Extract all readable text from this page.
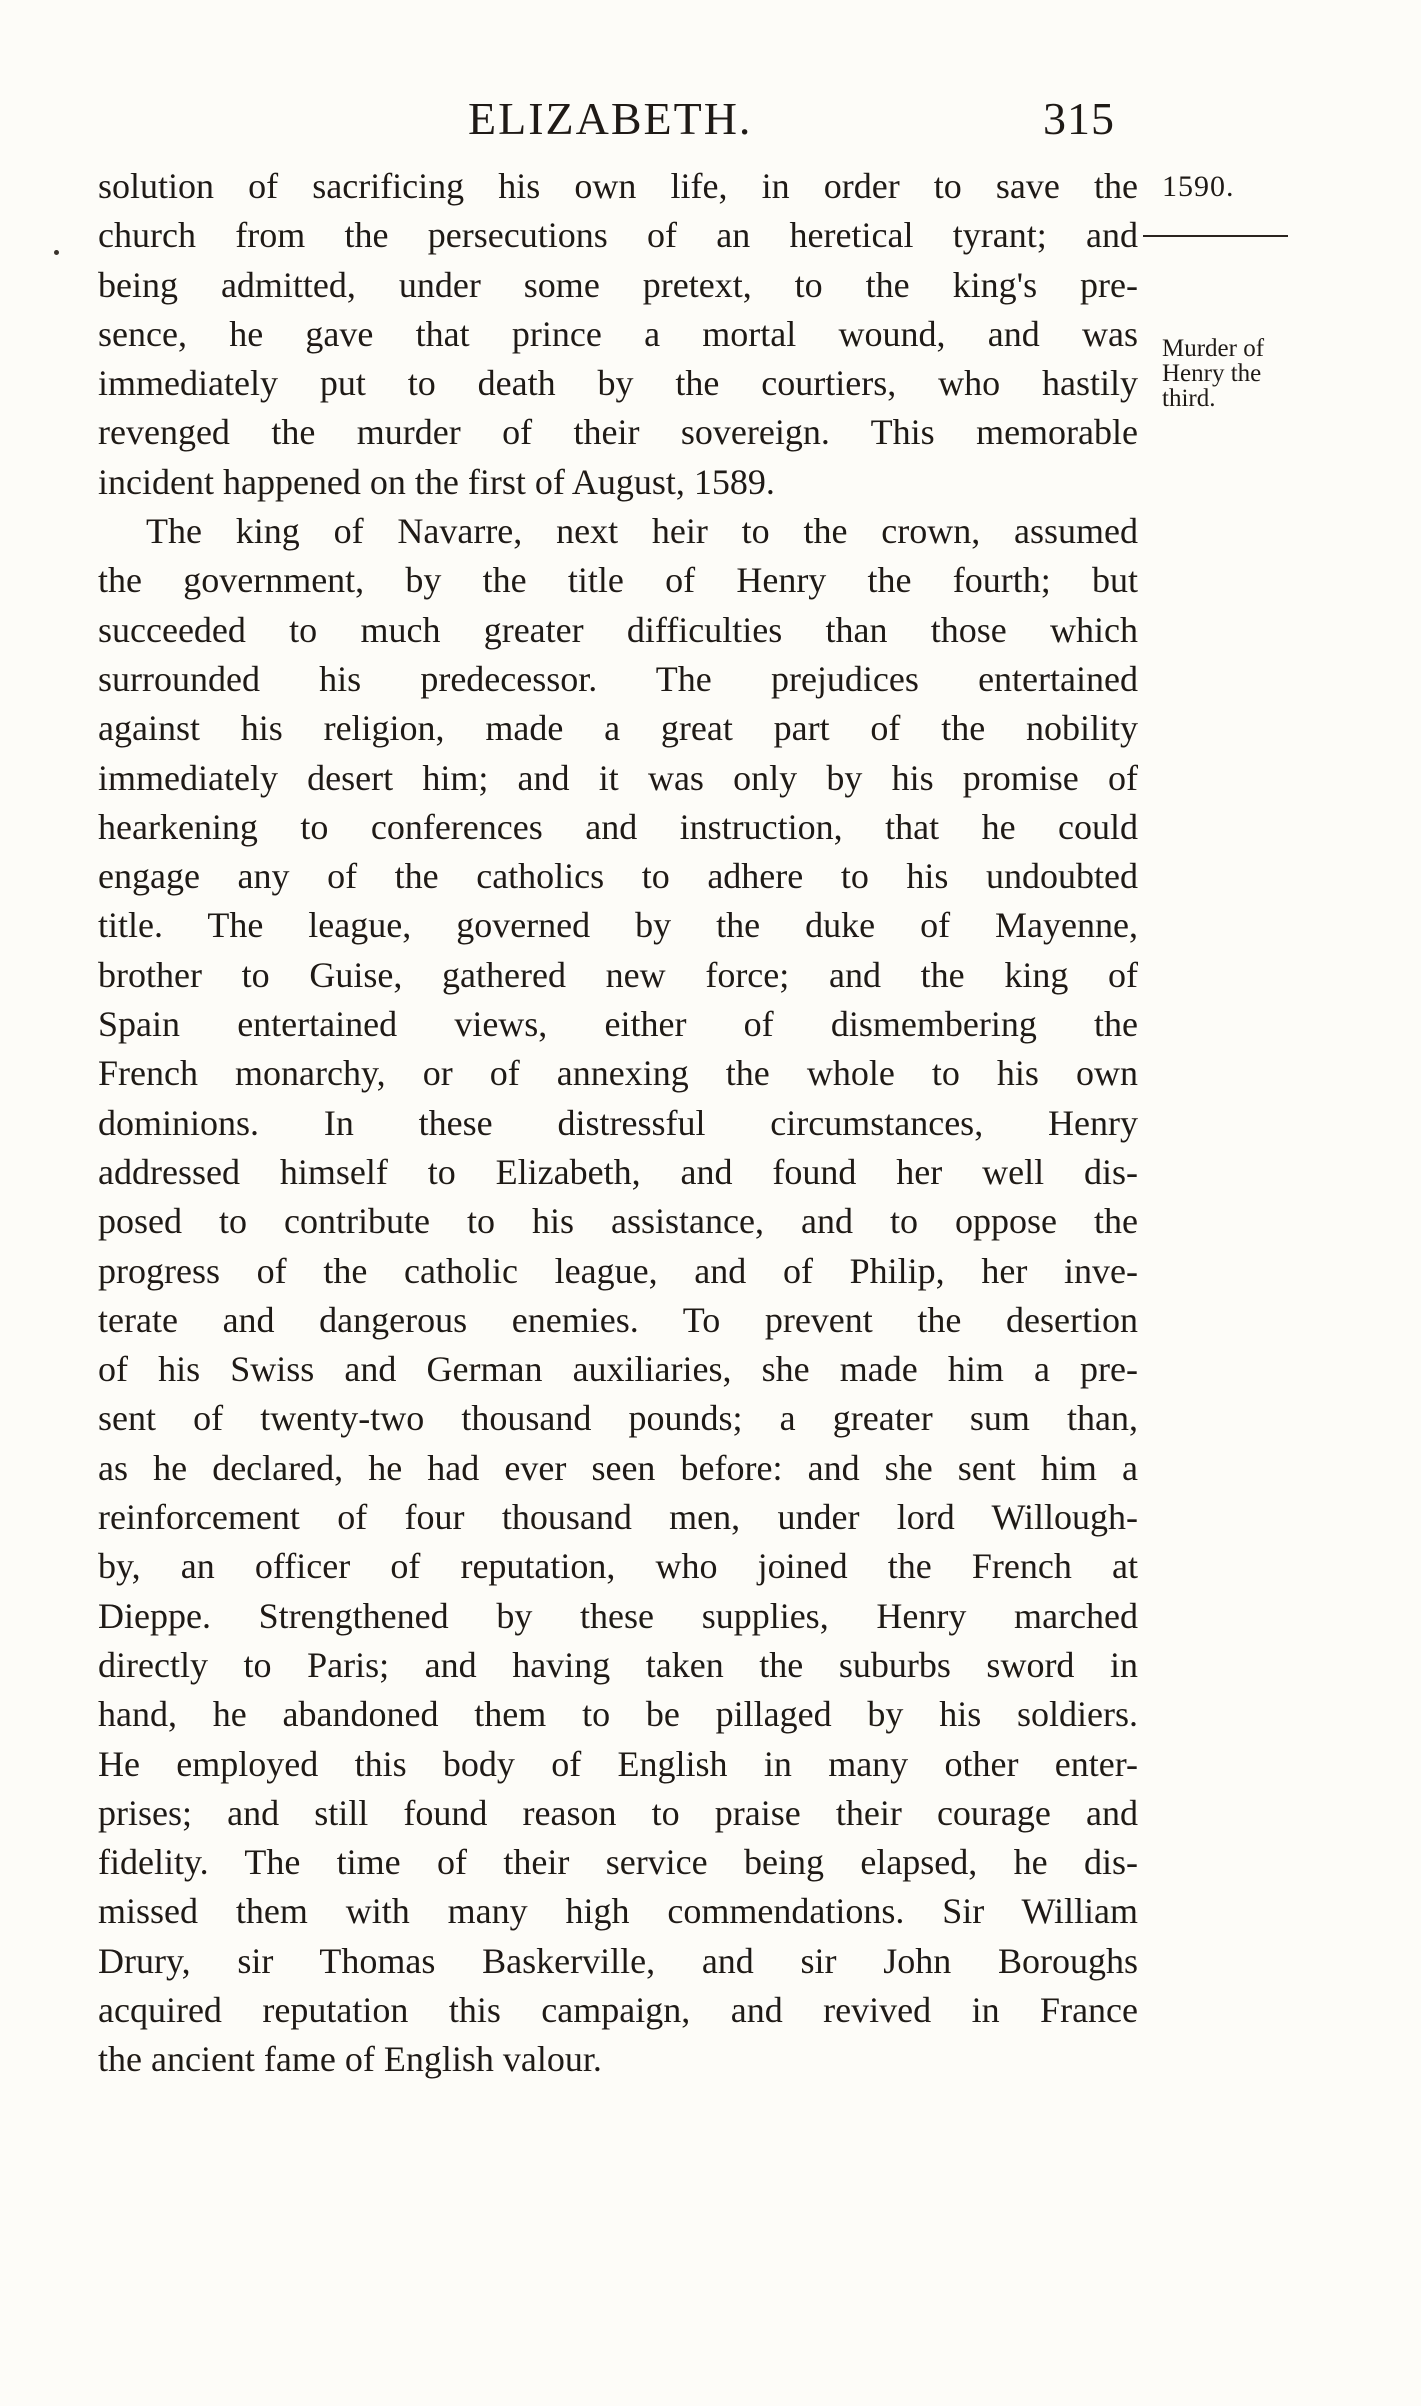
ELIZABETH.	315
1590.
Murder of
Henry the
third.
solution of sacrificing his own life, in order to save the
church from the persecutions of an heretical tyrant; and
being admitted, under some pretext, to the king's pre-
sence, he gave that prince a mortal wound, and was
immediately put to death by the courtiers, who hastily
revenged the murder of their sovereign. This memorable
incident happened on the first of August, 1589.
The king of Navarre, next heir to the crown, assumed
the government, by the title of Henry the fourth; but
succeeded to much greater difficulties than those which
surrounded his predecessor. The prejudices entertained
against his religion, made a great part of the nobility
immediately desert him; and it was only by his promise of
hearkening to conferences and instruction, that he could
engage any of the catholics to adhere to his undoubted
title. The league, governed by the duke of Mayenne,
brother to Guise, gathered new force; and the king of
Spain entertained views, either of dismembering the
French monarchy, or of annexing the whole to his own
dominions. In these distressful circumstances, Henry
addressed himself to Elizabeth, and found her well dis-
posed to contribute to his assistance, and to oppose the
progress of the catholic league, and of Philip, her inve-
terate and dangerous enemies. To prevent the desertion
of his Swiss and German auxiliaries, she made him a pre-
sent of twenty-two thousand pounds; a greater sum than,
as he declared, he had ever seen before: and she sent him a
reinforcement of four thousand men, under lord Willough-
by, an officer of reputation, who joined the French at
Dieppe. Strengthened by these supplies, Henry marched
directly to Paris; and having taken the suburbs sword in
hand, he abandoned them to be pillaged by his soldiers.
He employed this body of English in many other enter-
prises; and still found reason to praise their courage and
fidelity. The time of their service being elapsed, he dis-
missed them with many high commendations. Sir William
Drury, sir Thomas Baskerville, and sir John Boroughs
acquired reputation this campaign, and revived in France
the ancient fame of English valour.
